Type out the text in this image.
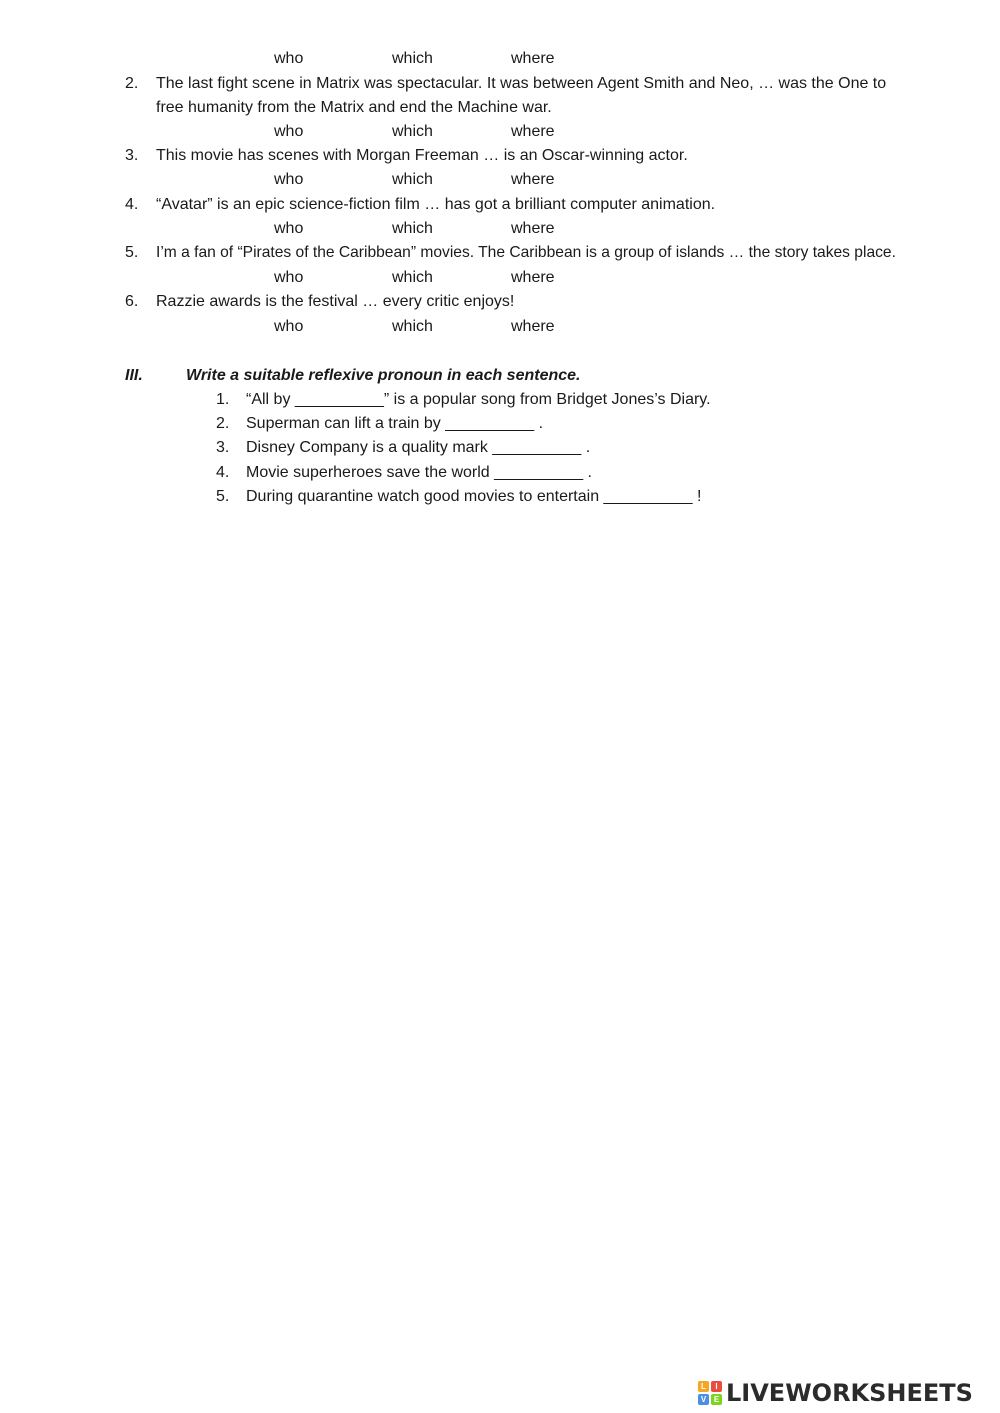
who	which	where
2. The last fight scene in Matrix was spectacular. It was between Agent Smith and Neo, … was the One to
free humanity from the Matrix and end the Machine war.
who	which	where
3. This movie has scenes with Morgan Freeman … is an Oscar-winning actor.
who	which	where
4. “Avatar” is an epic science-fiction film … has got a brilliant computer animation.
who	which	where
5. I’m a fan of “Pirates of the Caribbean” movies. The Caribbean is a group of islands … the story takes place.
who	which	where
6. Razzie awards is the festival … every critic enjoys!
who	which	where
III.	Write a suitable reflexive pronoun in each sentence.
1. “All by __________” is a popular song from Bridget Jones’s Diary.
2. Superman can lift a train by __________ .
3. Disney Company is a quality mark __________ .
4. Movie superheroes save the world __________ .
5. During quarantine watch good movies to entertain __________ !
L	I
V E LIVEWORKSHEETS
